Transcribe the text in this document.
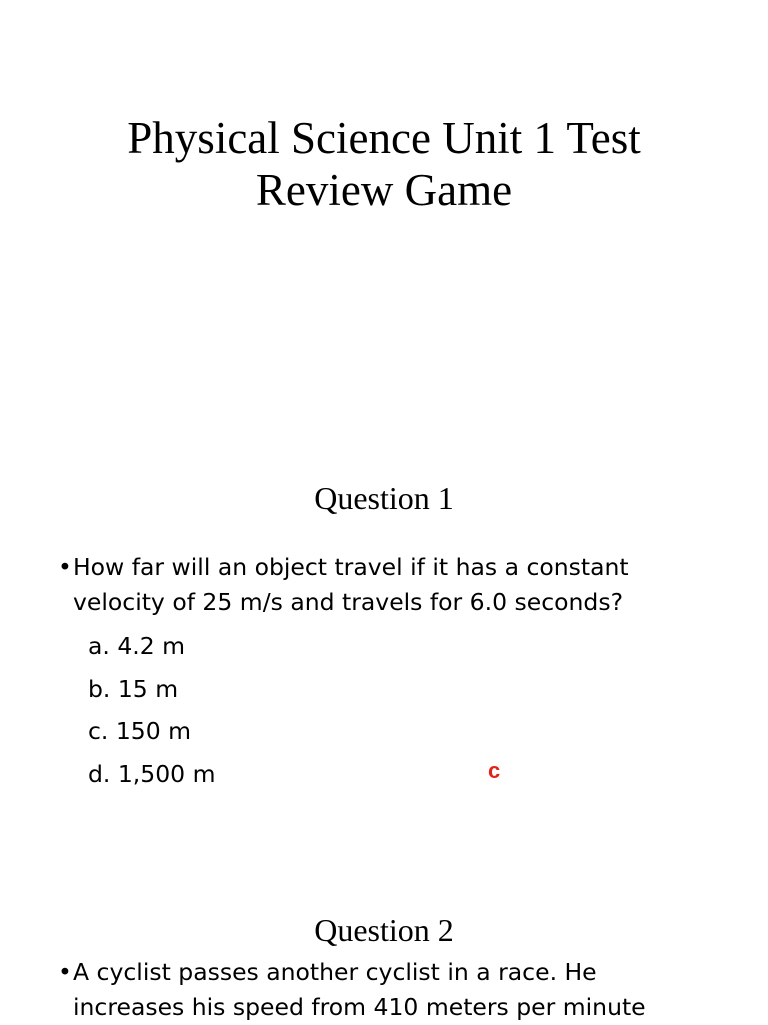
Physical Science Unit 1 Test
Review Game
Question 1
• How far will an object travel if it has a constant
velocity of 25 m/s and travels for 6.0 seconds?
a. 4.2 m
b. 15 m
c. 150 m
d. 1,500 m	c
Question 2
• A cyclist passes another cyclist in a race. He
increases his speed from 410 meters per minute
